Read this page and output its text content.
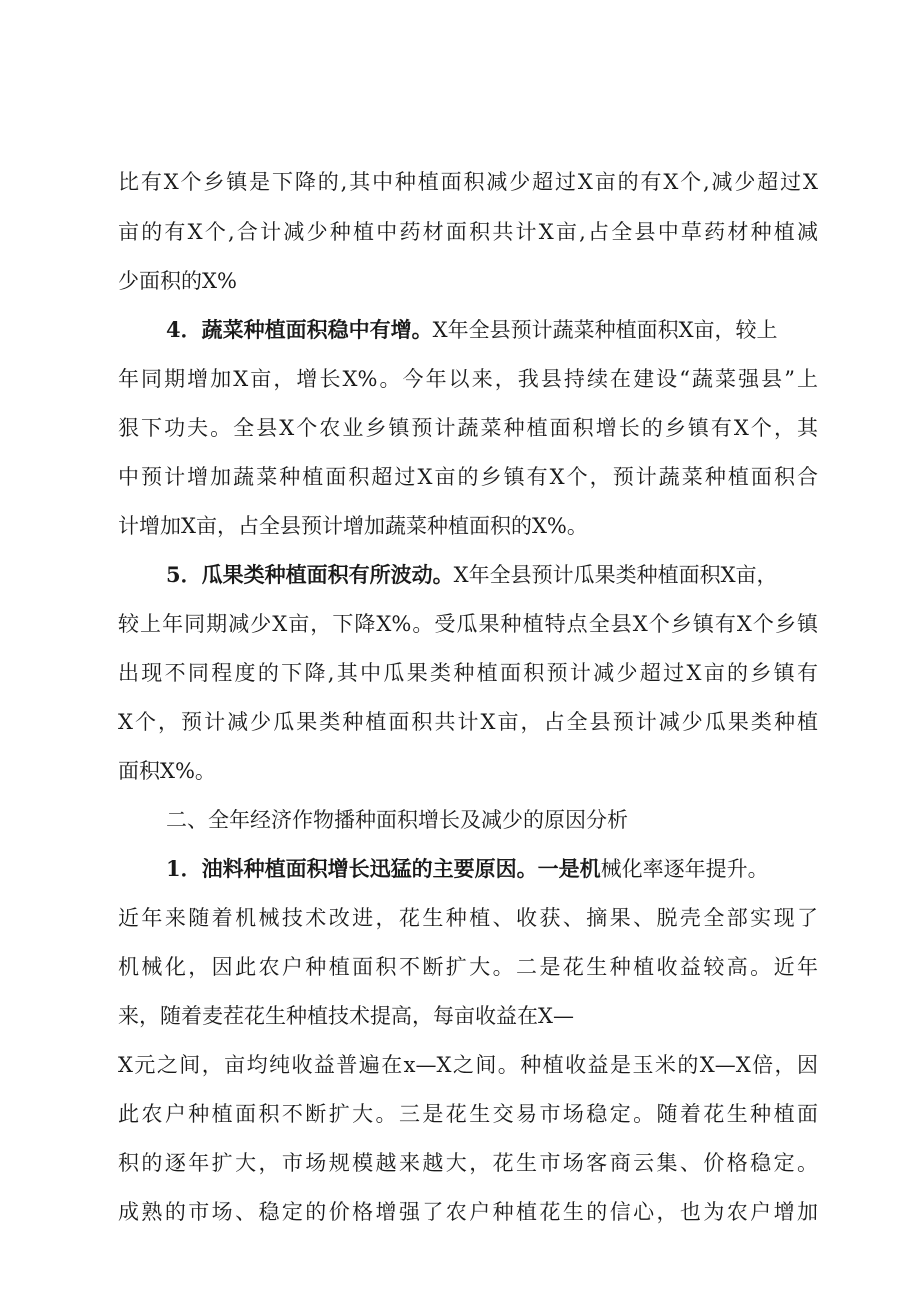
比有X个乡镇是下降的,其中种植面积减少超过X亩的有X个,减少超过X
亩的有X个,合计减少种植中药材面积共计X亩,占全县中草药材种植减
少面积的X%
4．蔬菜种植面积稳中有增。X年全县预计蔬菜种植面积X亩，较上
年同期增加X亩，增长X%。今年以来，我县持续在建设“蔬菜强县”上
狠下功夫。全县X个农业乡镇预计蔬菜种植面积增长的乡镇有X个，其
中预计增加蔬菜种植面积超过X亩的乡镇有X个，预计蔬菜种植面积合
计增加X亩，占全县预计增加蔬菜种植面积的X%。
5．瓜果类种植面积有所波动。X年全县预计瓜果类种植面积X亩，
较上年同期减少X亩，下降X%。受瓜果种植特点全县X个乡镇有X个乡镇
出现不同程度的下降,其中瓜果类种植面积预计减少超过X亩的乡镇有
X个，预计减少瓜果类种植面积共计X亩，占全县预计减少瓜果类种植
面积X%。
二、全年经济作物播种面积增长及减少的原因分析
1．油料种植面积增长迅猛的主要原因。一是机械化率逐年提升。
近年来随着机械技术改进，花生种植、收获、摘果、脱壳全部实现了
机械化，因此农户种植面积不断扩大。二是花生种植收益较高。近年
来，随着麦茬花生种植技术提高，每亩收益在X—
X元之间，亩均纯收益普遍在x—X之间。种植收益是玉米的X—X倍，因
此农户种植面积不断扩大。三是花生交易市场稳定。随着花生种植面
积的逐年扩大，市场规模越来越大，花生市场客商云集、价格稳定。
成熟的市场、稳定的价格增强了农户种植花生的信心，也为农户增加
